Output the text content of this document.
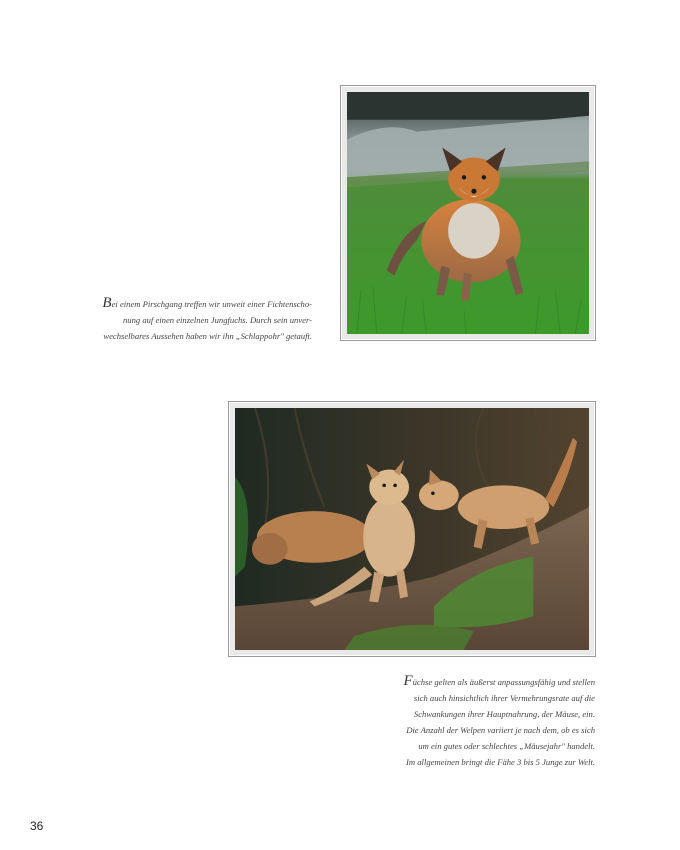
Bei einem Pirschgang treffen wir unweit einer Fichtenscho-

nung auf einen einzelnen Jungfuchs. Durch sein unver-

wechselbares Aussehen haben wir ihn „Schlappohr" getauft.

Füchse gelten als äußerst anpassungsfähig und stellen

sich auch hinsichtlich ihrer Vermehrungsrate auf die

Schwankungen ihrer Hauptnahrung, der Mäuse, ein.

Die Anzahl der Welpen variiert je nach dem, ob es sich

um ein gutes oder schlechtes „Mäusejahr" handelt.

Im allgemeinen bringt die Fähe 3 bis 5 Junge zur Welt.

36
